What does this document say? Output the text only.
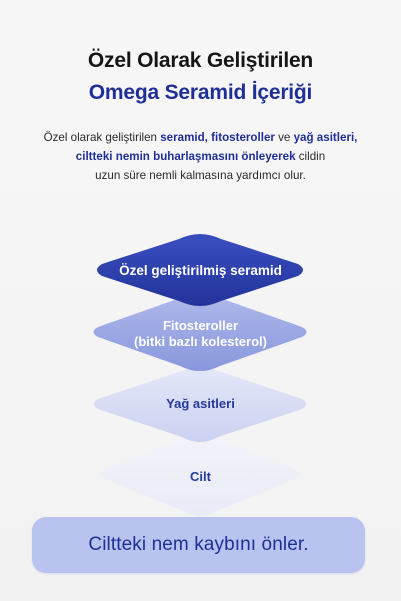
Özel Olarak Geliştirilen
Omega Seramid İçeriği
Özel olarak geliştirilen seramid, fitosteroller ve yağ asitleri,
ciltteki nemin buharlaşmasını önleyerek cildin
uzun süre nemli kalmasına yardımcı olur.
Özel geliştirilmiş seramid
Fitosteroller
(bitki bazlı kolesterol)
Yağ asitleri
Cilt
Ciltteki nem kaybını önler.
